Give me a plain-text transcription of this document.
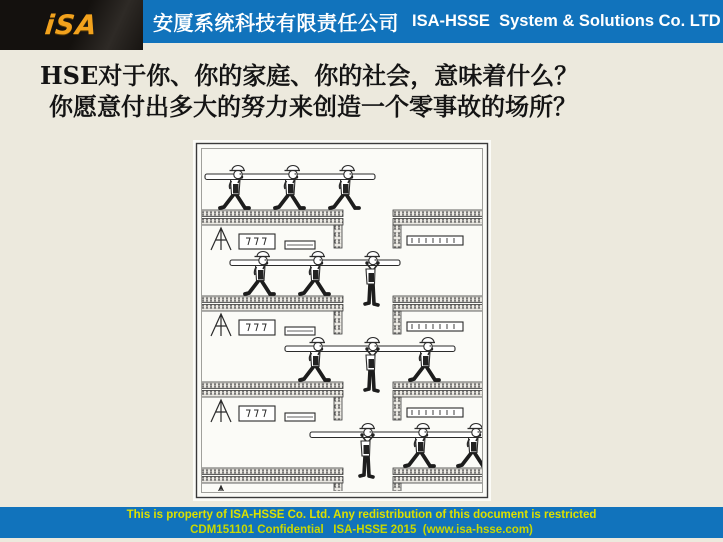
iSA	安厦系统科技有限责任公司 ISA-HSSE  System & Solutions Co. LTD
HSE对于你、你的家庭、你的社会，意味着什么？
你愿意付出多大的努力来创造一个零事故的场所？
This is property of ISA-HSSE Co. Ltd. Any redistribution of this document is restricted
CDM151101 Confidential   ISA-HSSE 2015  (www.isa-hsse.com)
